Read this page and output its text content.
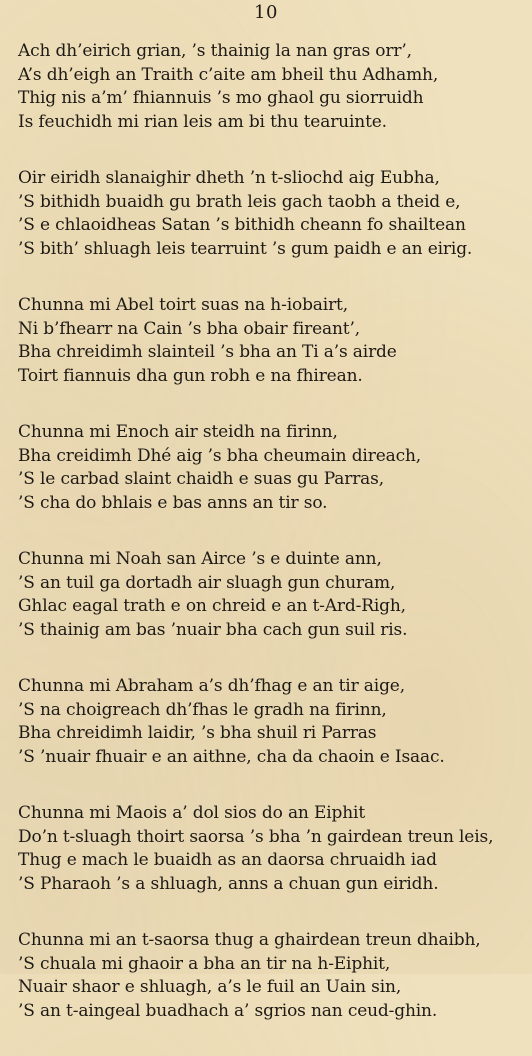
10
Ach dh’eirich grian, ’s thainig la nan gras orr’,
A’s dh’eigh an Traith c’aite am bheil thu Adhamh,
Thig nis a’m’ fhiannuis ’s mo ghaol gu siorruidh
Is feuchidh mi rian leis am bi thu tearuinte.
Oir eiridh slanaighir dheth ’n t-sliochd aig Eubha,
’S bithidh buaidh gu brath leis gach taobh a theid e,
’S e chlaoidheas Satan ’s bithidh cheann fo shailtean
’S bith’ shluagh leis tearruint ’s gum paidh e an eirig.
Chunna mi Abel toirt suas na h-iobairt,
Ni b’fhearr na Cain ’s bha obair fireant’,
Bha chreidimh slainteil ’s bha an Ti a’s airde
Toirt fiannuis dha gun robh e na fhirean.
Chunna mi Enoch air steidh na firinn,
Bha creidimh Dhé aig ’s bha cheumain direach,
’S le carbad slaint chaidh e suas gu Parras,
’S cha do bhlais e bas anns an tir so.
Chunna mi Noah san Airce ’s e duinte ann,
’S an tuil ga dortadh air sluagh gun churam,
Ghlac eagal trath e on chreid e an t-Ard-Righ,
’S thainig am bas ’nuair bha cach gun suil ris.
Chunna mi Abraham a’s dh’fhag e an tir aige,
’S na choigreach dh’fhas le gradh na firinn,
Bha chreidimh laidir, ’s bha shuil ri Parras
’S ’nuair fhuair e an aithne, cha da chaoin e Isaac.
Chunna mi Maois a’ dol sios do an Eiphit
Do’n t-sluagh thoirt saorsa ’s bha ’n gairdean treun leis,
Thug e mach le buaidh as an daorsa chruaidh iad
’S Pharaoh ’s a shluagh, anns a chuan gun eiridh.
Chunna mi an t-saorsa thug a ghairdean treun dhaibh,
’S chuala mi ghaoir a bha an tir na h-Eiphit,
Nuair shaor e shluagh, a’s le fuil an Uain sin,
’S an t-aingeal buadhach a’ sgrios nan ceud-ghin.
